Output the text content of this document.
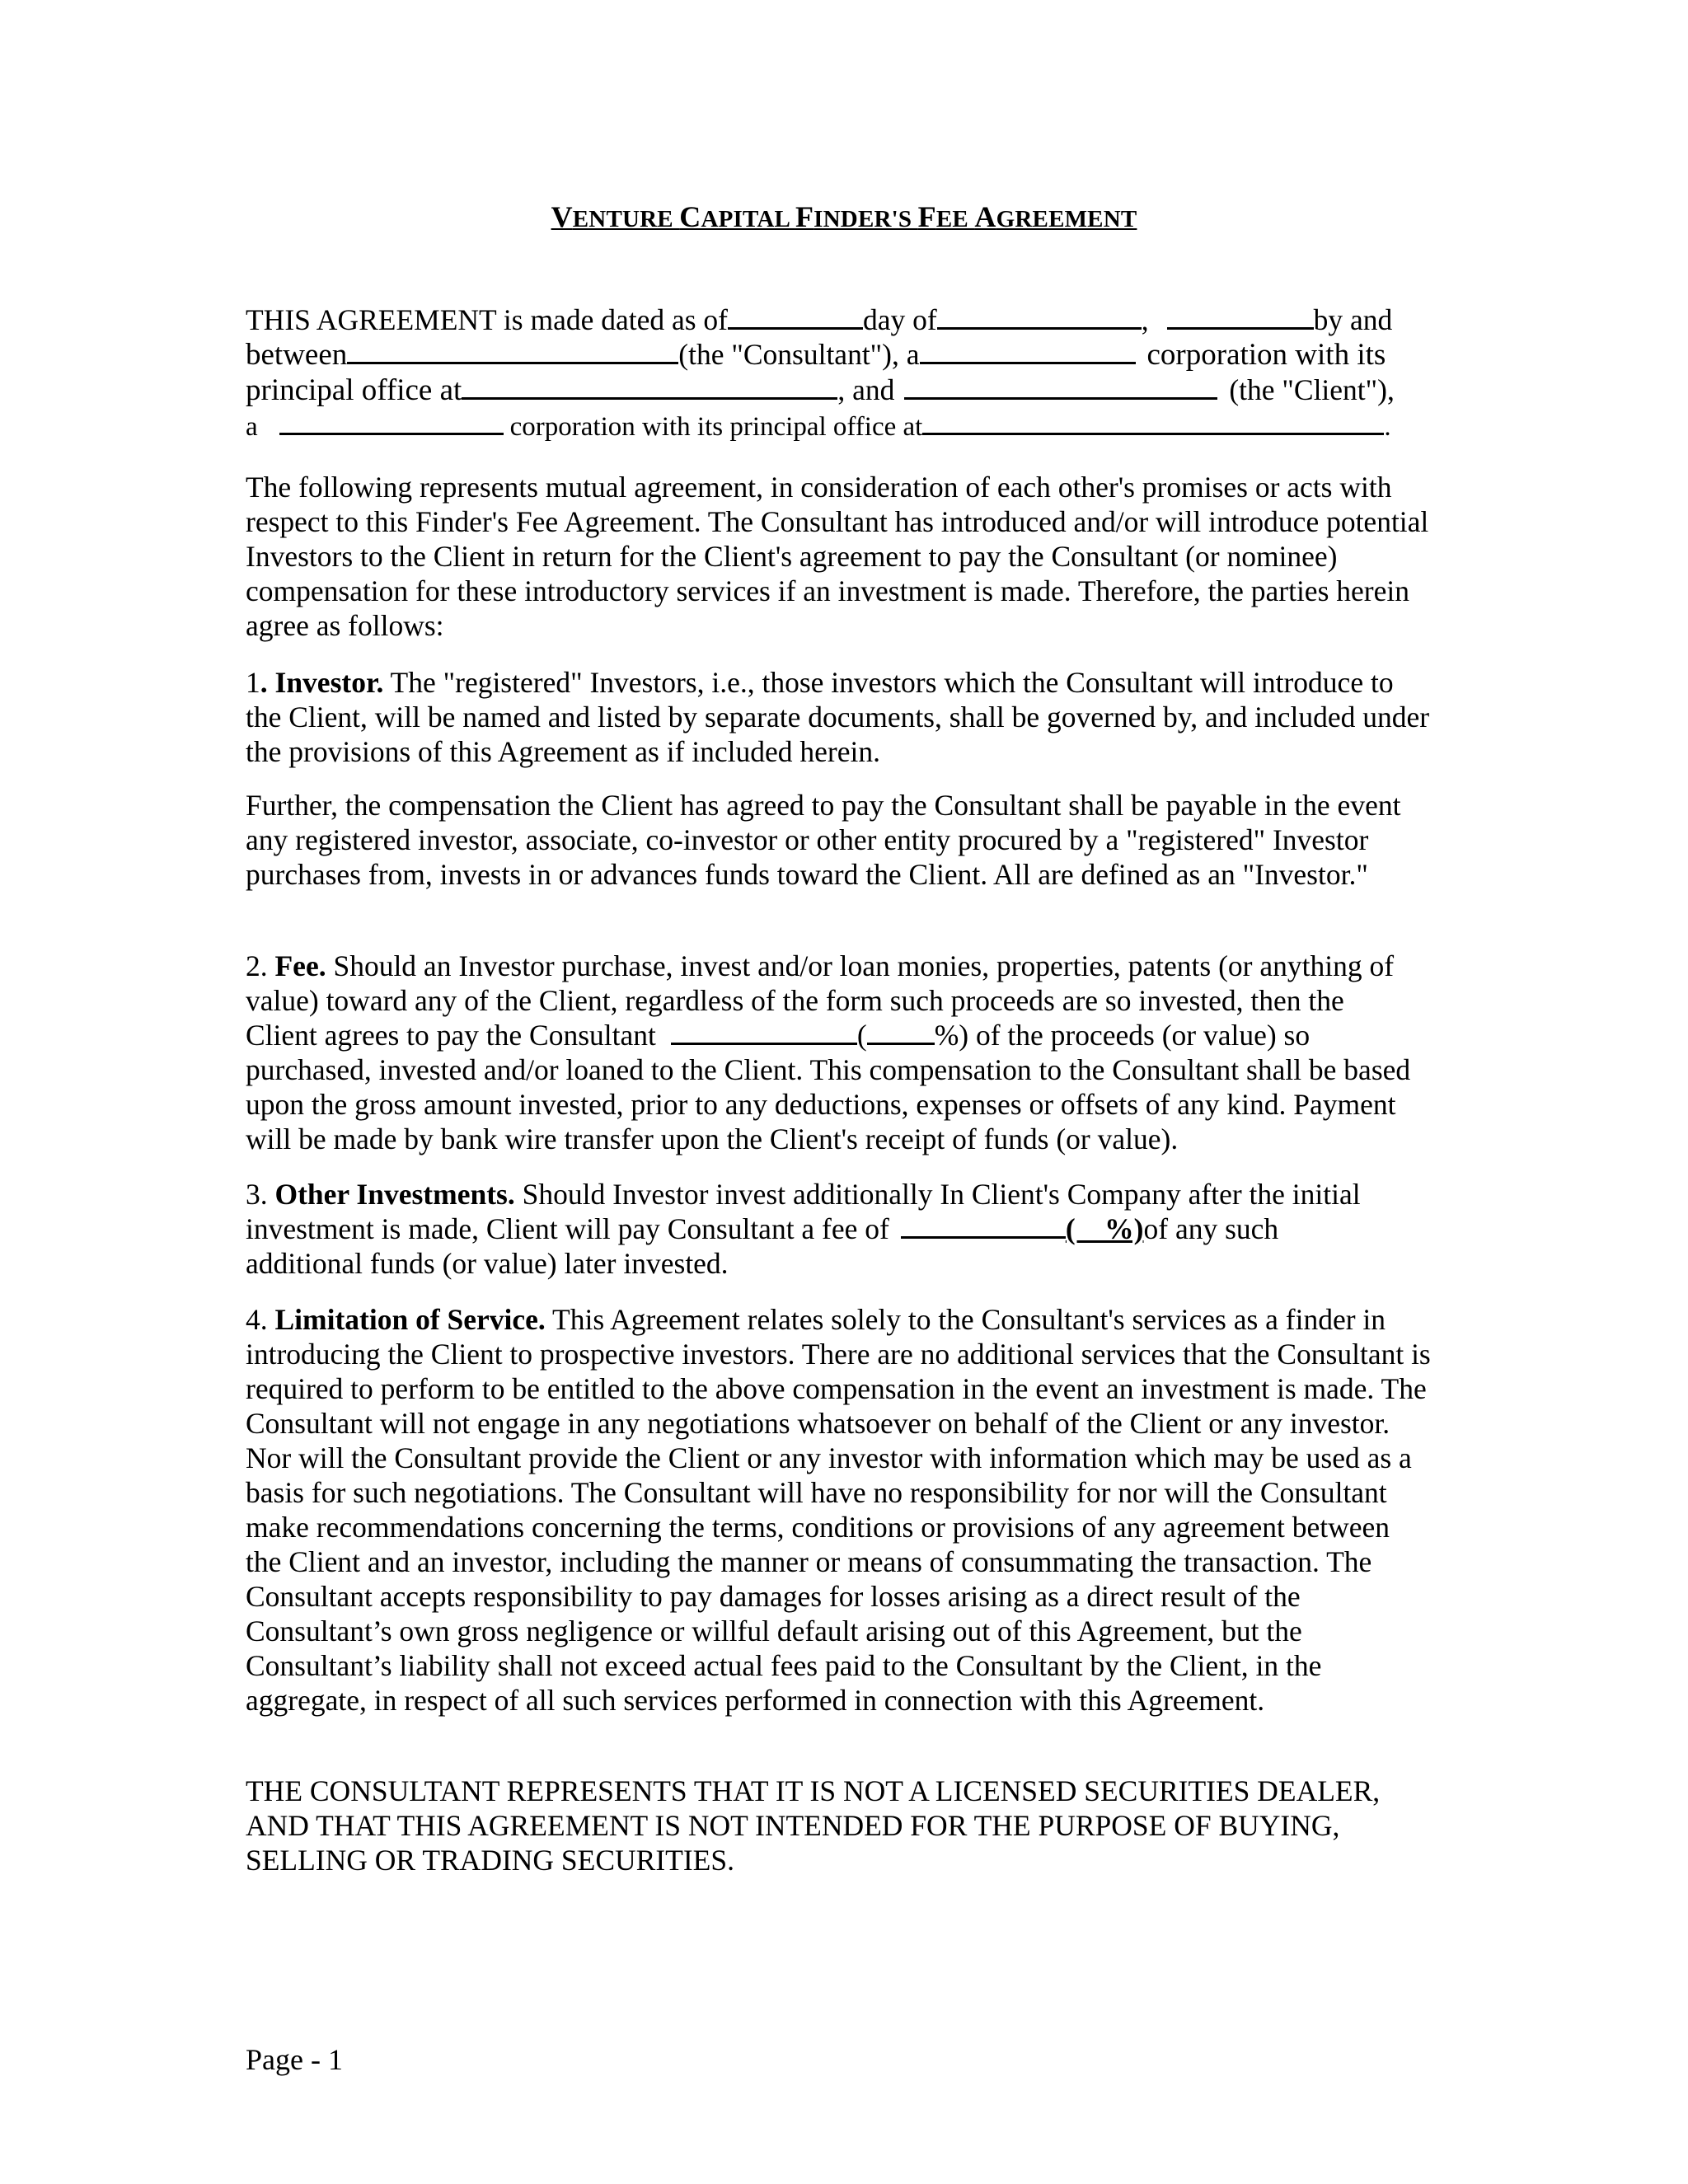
VENTURE CAPITAL FINDER'S FEE AGREEMENT
THIS AGREEMENT is made dated as of	day of	,	by and
between	(the "Consultant"), a	corporation with its
principal office at	, and	(the "Client"),
a	corporation with its principal office at	.

The following represents mutual agreement, in consideration of each other's promises or acts with respect to this Finder's Fee Agreement. The Consultant has introduced and/or will introduce potential Investors to the Client in return for the Client's agreement to pay the Consultant (or nominee) compensation for these introductory services if an investment is made. Therefore, the parties herein agree as follows:

1. Investor. The "registered" Investors, i.e., those investors which the Consultant will introduce to the Client, will be named and listed by separate documents, shall be governed by, and included under the provisions of this Agreement as if included herein.

Further, the compensation the Client has agreed to pay the Consultant shall be payable in the event any registered investor, associate, co-investor or other entity procured by a "registered" Investor purchases from, invests in or advances funds toward the Client. All are defined as an "Investor."

2. Fee. Should an Investor purchase, invest and/or loan monies, properties, patents (or anything of
value) toward any of the Client, regardless of the form such proceeds are so invested, then the
Client agrees to pay the Consultant	( %) of the proceeds (or value) so

purchased, invested and/or loaned to the Client. This compensation to the Consultant shall be based upon the gross amount invested, prior to any deductions, expenses or offsets of any kind. Payment will be made by bank wire transfer upon the Client's receipt of funds (or value).

3. Other Investments. Should Investor invest additionally In Client's Company after the initial
investment is made, Client will pay Consultant a fee of	(    %) of any such
additional funds (or value) later invested.

4. Limitation of Service. This Agreement relates solely to the Consultant's services as a finder in introducing the Client to prospective investors. There are no additional services that the Consultant is required to perform to be entitled to the above compensation in the event an investment is made. The Consultant will not engage in any negotiations whatsoever on behalf of the Client or any investor. Nor will the Consultant provide the Client or any investor with information which may be used as a basis for such negotiations. The Consultant will have no responsibility for nor will the Consultant make recommendations concerning the terms, conditions or provisions of any agreement between the Client and an investor, including the manner or means of consummating the transaction. The Consultant accepts responsibility to pay damages for losses arising as a direct result of the Consultant’s own gross negligence or willful default arising out of this Agreement, but the Consultant’s liability shall not exceed actual fees paid to the Consultant by the Client, in the aggregate, in respect of all such services performed in connection with this Agreement.

THE CONSULTANT REPRESENTS THAT IT IS NOT A LICENSED SECURITIES DEALER, AND THAT THIS AGREEMENT IS NOT INTENDED FOR THE PURPOSE OF BUYING, SELLING OR TRADING SECURITIES.

Page - 1
